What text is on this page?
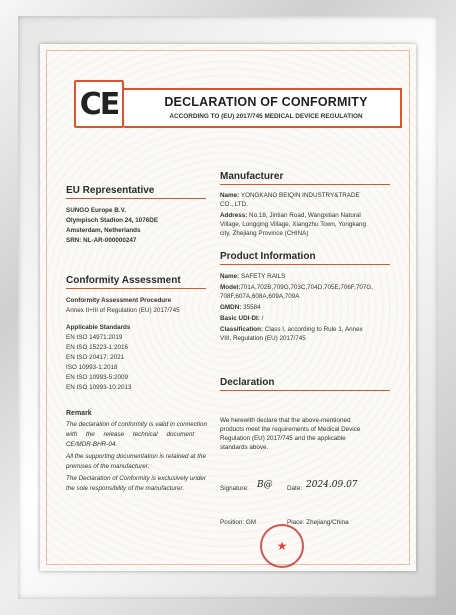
CE	DECLARATION OF CONFORMITY
ACCORDING TO (EU) 2017/745 MEDICAL DEVICE REGULATION
EU Representative
SUNGO Europe B.V.
Olympisch Stadion 24, 1076DE
Amsterdam, Netherlands
SRN: NL-AR-000000247
Conformity Assessment
Conformity Assessment Procedure
Annex II+III of Regulation (EU) 2017/745
Applicable Standards
EN ISO 14971:2019
EN ISO 15223-1:2016
EN ISO 20417: 2021
ISO 10993-1:2018
EN ISO 10993-5:2009
EN ISO 10993-10:2013
Remark
The declaration of conformity is valid in connection
with     the     release     technical     document
CE/MDR-BHR-04.
All the supporting documentation is retained at the
premises of the manufacturer.
The Declaration of Conformity is exclusively under
the sole responsibility of the manufacturer.
Manufacturer
Name: YONGKANG BEIQIN INDUSTRY&TRADE
CO., LTD.
Address: No.18, Jintian Road, Wangxitian Natural
Village, Longqing Village, Xiangzhu Town, Yongkang
city, Zhejiang Province (CHINA)
Product Information
Name: SAFETY RAILS
Model:701A,702B,709G,703C,704D,705E,706F,707G,
708F,607A,608A,609A,709A
GMDN: 35584
Basic UDI-DI: /
Classification: Class I, according to Rule 1, Annex
VIII, Regulation (EU) 2017/745
Declaration
We herewith declare that the above-mentioned
products meet the requirements of Medical Device
Regulation (EU) 2017/745 and the applicable
standards above.
★
Signature: B@ Date: 2024.09.07
Position: GM	Place: Zhejiang/China
